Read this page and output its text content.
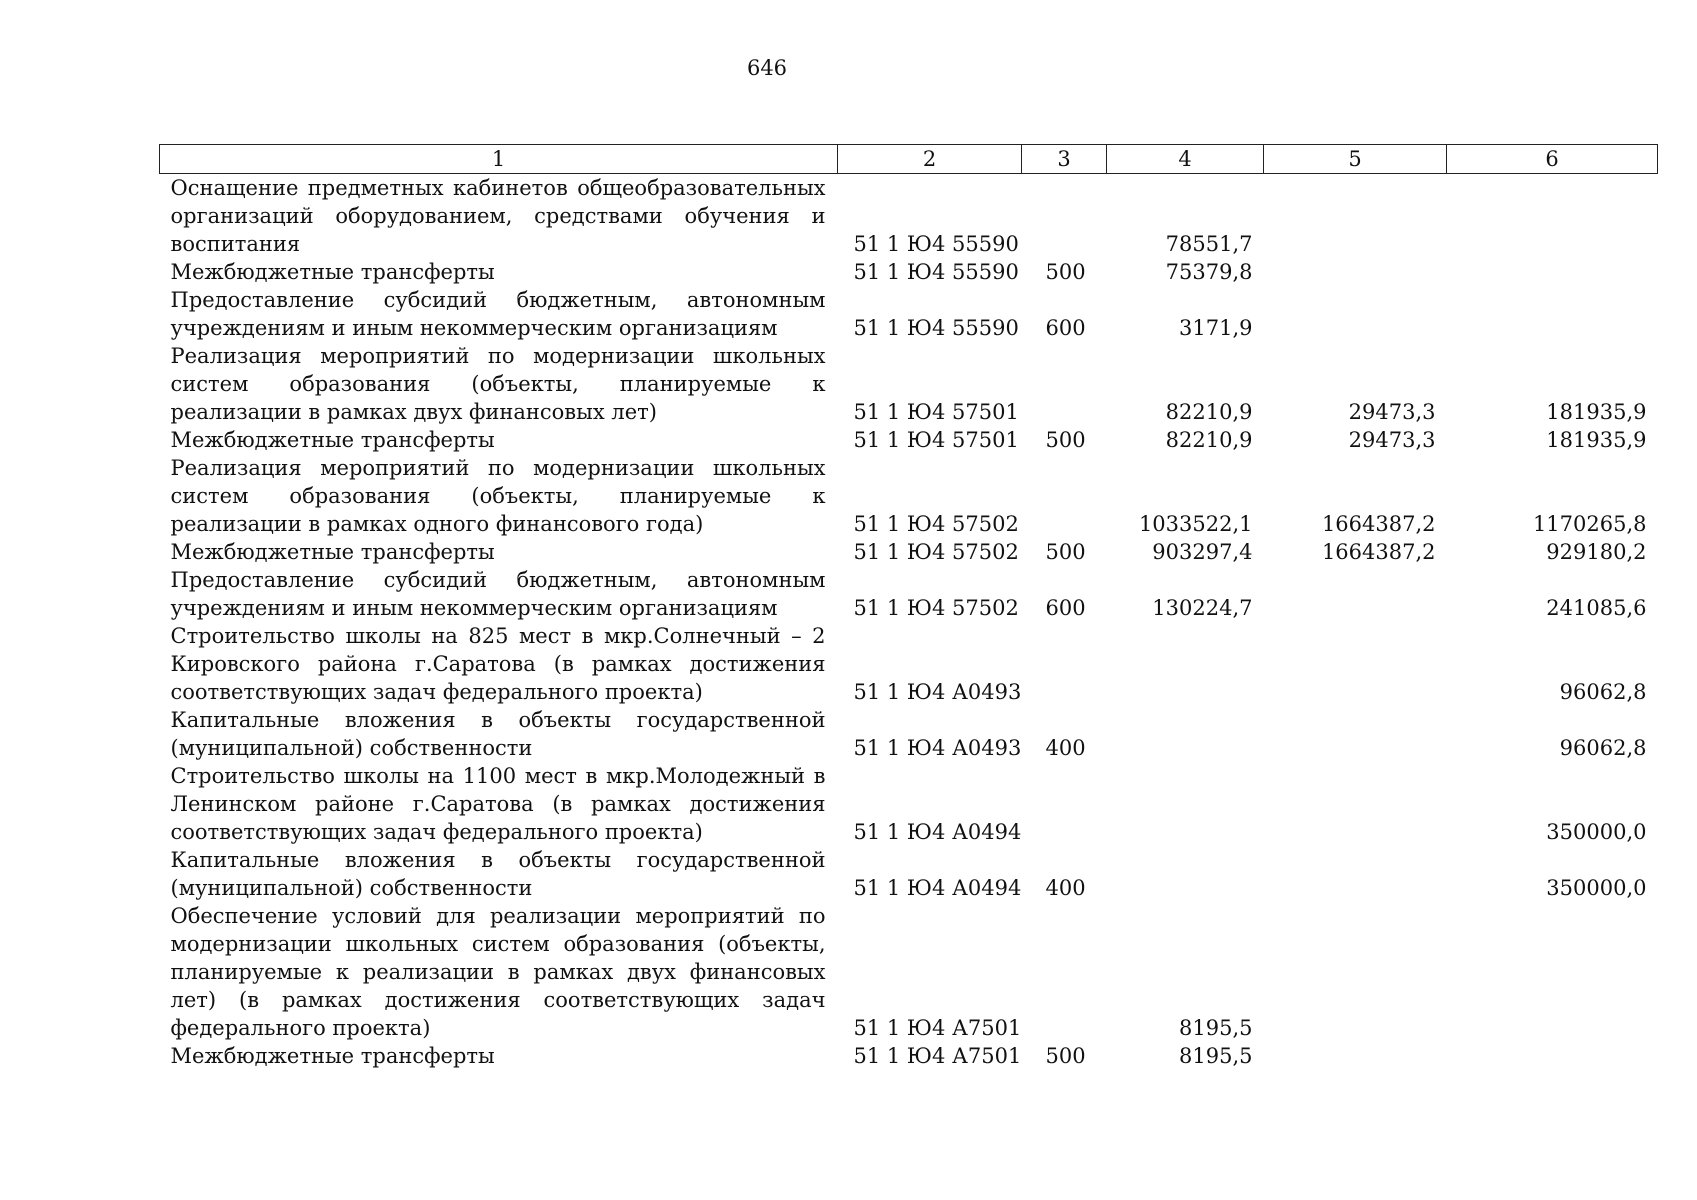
646
1	2	3	4	5	6
Оснащение предметных кабинетов общеобразовательных организаций оборудованием, средствами обучения и воспитания	51 1 Ю4 55590		78551,7		
Межбюджетные трансферты	51 1 Ю4 55590	500	75379,8		
Предоставление субсидий бюджетным, автономным учреждениям и иным некоммерческим организациям	51 1 Ю4 55590	600	3171,9		
Реализация мероприятий по модернизации школьных систем образования (объекты, планируемые к реализации в рамках двух финансовых лет)	51 1 Ю4 57501		82210,9	29473,3	181935,9
Межбюджетные трансферты	51 1 Ю4 57501	500	82210,9	29473,3	181935,9
Реализация мероприятий по модернизации школьных систем образования (объекты, планируемые к реализации в рамках одного финансового года)	51 1 Ю4 57502		1033522,1	1664387,2	1170265,8
Межбюджетные трансферты	51 1 Ю4 57502	500	903297,4	1664387,2	929180,2
Предоставление субсидий бюджетным, автономным учреждениям и иным некоммерческим организациям	51 1 Ю4 57502	600	130224,7		241085,6
Строительство школы на 825 мест в мкр.Солнечный – 2 Кировского района г.Саратова (в рамках достижения соответствующих задач федерального проекта)	51 1 Ю4 А0493				96062,8
Капитальные вложения в объекты государственной (муниципальной) собственности	51 1 Ю4 А0493	400			96062,8
Строительство школы на 1100 мест в мкр.Молодежный в Ленинском районе г.Саратова (в рамках достижения соответствующих задач федерального проекта)	51 1 Ю4 А0494				350000,0
Капитальные вложения в объекты государственной (муниципальной) собственности	51 1 Ю4 А0494	400			350000,0
Обеспечение условий для реализации мероприятий по модернизации школьных систем образования (объекты, планируемые к реализации в рамках двух финансовых лет) (в рамках достижения соответствующих задач федерального проекта)	51 1 Ю4 А7501		8195,5		
Межбюджетные трансферты	51 1 Ю4 А7501	500	8195,5		
